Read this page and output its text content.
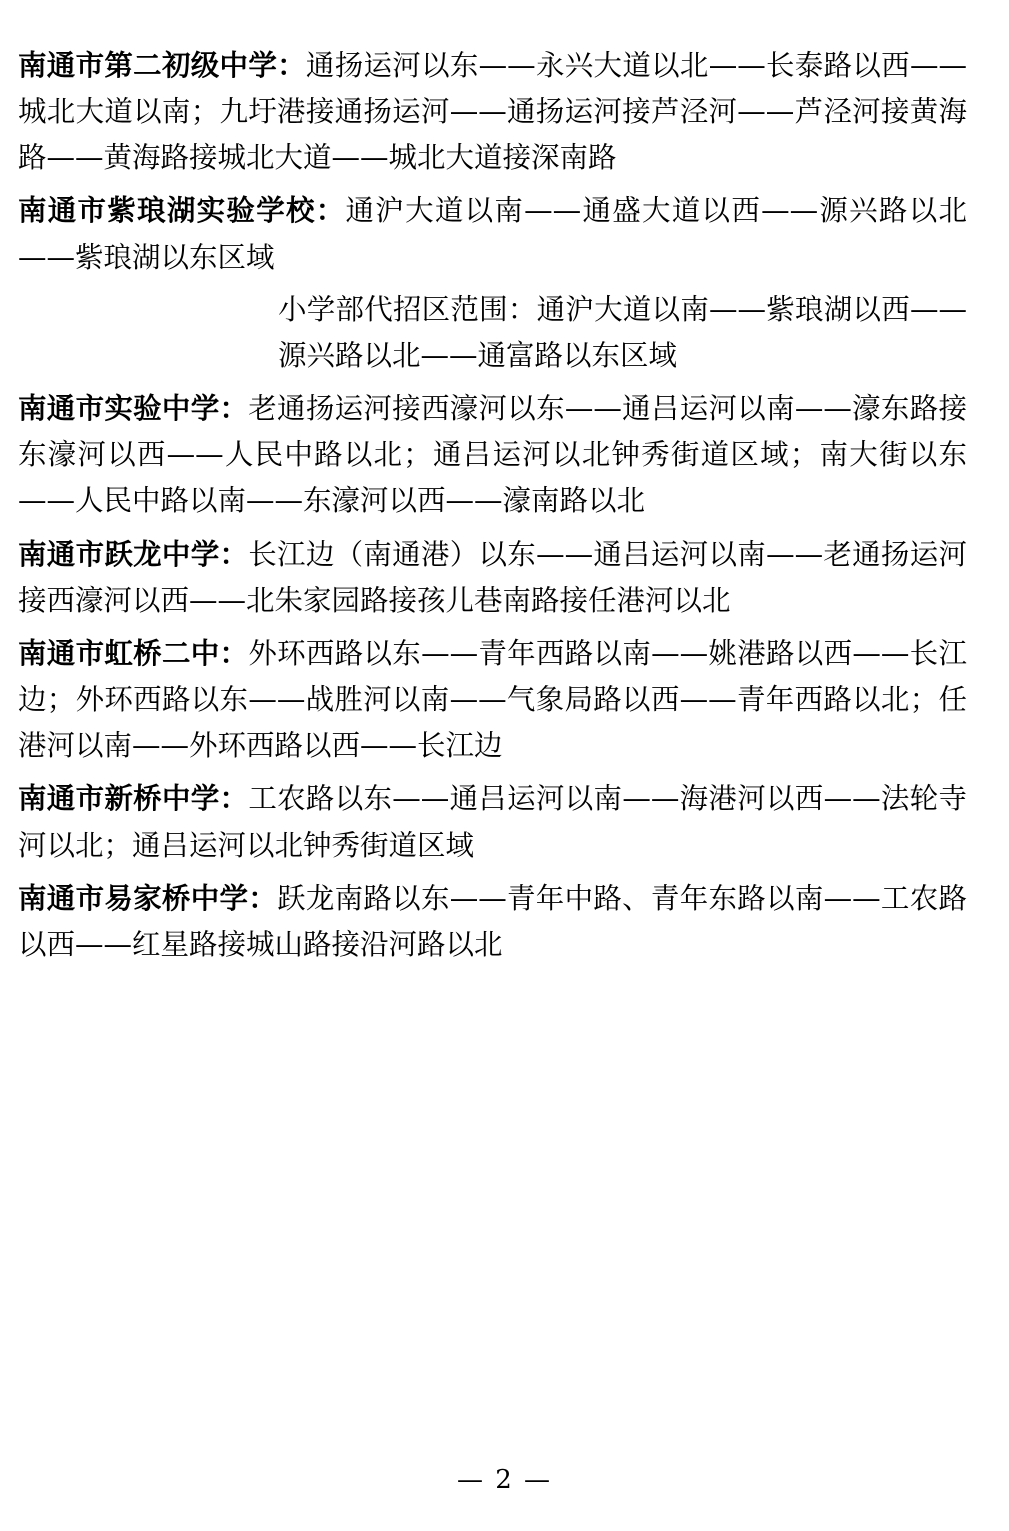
南通市第二初级中学：通扬运河以东——永兴大道以北——长泰路以西——城北大道以南；九圩港接通扬运河——通扬运河接芦泾河——芦泾河接黄海路——黄海路接城北大道——城北大道接深南路

南通市紫琅湖实验学校：通沪大道以南——通盛大道以西——源兴路以北——紫琅湖以东区域

小学部代招区范围：通沪大道以南——紫琅湖以西——源兴路以北——通富路以东区域

南通市实验中学：老通扬运河接西濠河以东——通吕运河以南——濠东路接东濠河以西——人民中路以北；通吕运河以北钟秀街道区域；南大街以东——人民中路以南——东濠河以西——濠南路以北

南通市跃龙中学：长江边（南通港）以东——通吕运河以南——老通扬运河接西濠河以西——北朱家园路接孩儿巷南路接任港河以北

南通市虹桥二中：外环西路以东——青年西路以南——姚港路以西——长江边；外环西路以东——战胜河以南——气象局路以西——青年西路以北；任港河以南——外环西路以西——长江边

南通市新桥中学：工农路以东——通吕运河以南——海港河以西——法轮寺河以北；通吕运河以北钟秀街道区域

南通市易家桥中学：跃龙南路以东——青年中路、青年东路以南——工农路以西——红星路接城山路接沿河路以北

— 2 —
